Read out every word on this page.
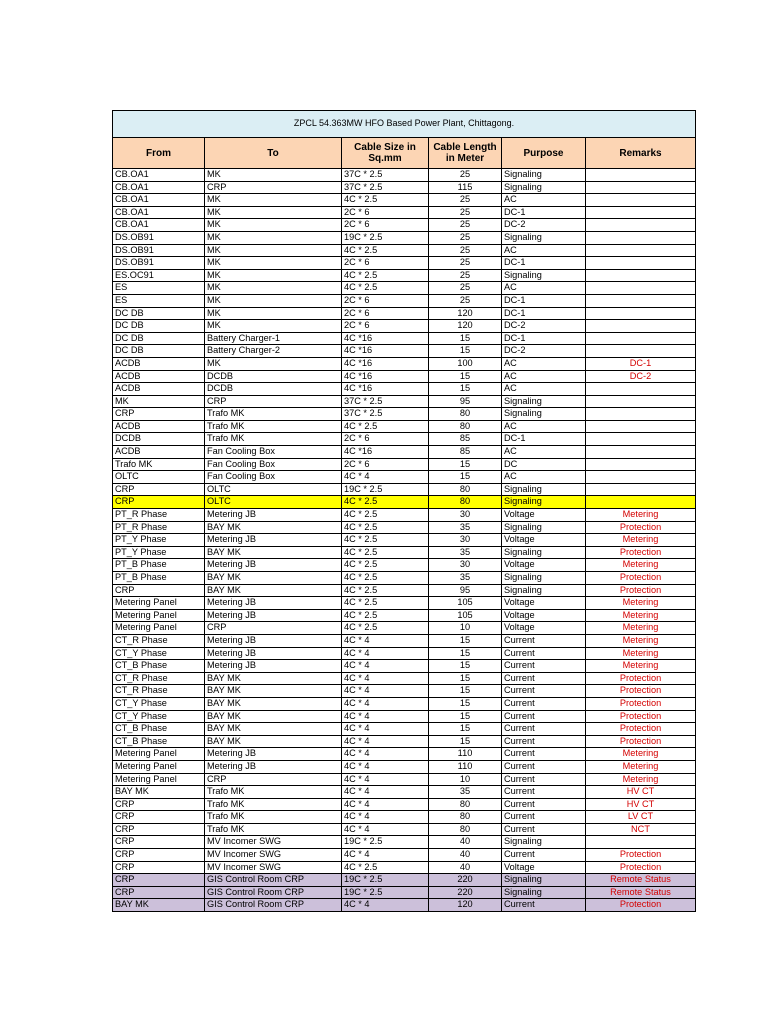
ZPCL 54.363MW HFO Based Power Plant, Chittagong.					
From	To	Cable Size in Sq.mm	Cable Length in Meter	Purpose	Remarks
CB.OA1	MK	37C * 2.5	25	Signaling	
CB.OA1	CRP	37C * 2.5	115	Signaling	
CB.OA1	MK	4C * 2.5	25	AC	
CB.OA1	MK	2C * 6	25	DC-1	
CB.OA1	MK	2C * 6	25	DC-2	
DS.OB91	MK	19C * 2.5	25	Signaling	
DS.OB91	MK	4C * 2.5	25	AC	
DS.OB91	MK	2C * 6	25	DC-1	
ES.OC91	MK	4C * 2.5	25	Signaling	
ES	MK	4C * 2.5	25	AC	
ES	MK	2C * 6	25	DC-1	
DC DB	MK	2C * 6	120	DC-1	
DC DB	MK	2C * 6	120	DC-2	
DC DB	Battery Charger-1	4C *16	15	DC-1	
DC DB	Battery Charger-2	4C *16	15	DC-2	
ACDB	MK	4C *16	100	AC	DC-1
ACDB	DCDB	4C *16	15	AC	DC-2
ACDB	DCDB	4C *16	15	AC	
MK	CRP	37C * 2.5	95	Signaling	
CRP	Trafo MK	37C * 2.5	80	Signaling	
ACDB	Trafo MK	4C * 2.5	80	AC	
DCDB	Trafo MK	2C * 6	85	DC-1	
ACDB	Fan Cooling Box	4C *16	85	AC	
Trafo MK	Fan Cooling Box	2C * 6	15	DC	
OLTC	Fan Cooling Box	4C * 4	15	AC	
CRP	OLTC	19C * 2.5	80	Signaling	
CRP	OLTC	4C * 2.5	80	Signaling	
PT_R Phase	Metering JB	4C * 2.5	30	Voltage	Metering
PT_R Phase	BAY MK	4C * 2.5	35	Signaling	Protection
PT_Y Phase	Metering JB	4C * 2.5	30	Voltage	Metering
PT_Y Phase	BAY MK	4C * 2.5	35	Signaling	Protection
PT_B Phase	Metering JB	4C * 2.5	30	Voltage	Metering
PT_B Phase	BAY MK	4C * 2.5	35	Signaling	Protection
CRP	BAY MK	4C * 2.5	95	Signaling	Protection
Metering Panel	Metering JB	4C * 2.5	105	Voltage	Metering
Metering Panel	Metering JB	4C * 2.5	105	Voltage	Metering
Metering Panel	CRP	4C * 2.5	10	Voltage	Metering
CT_R Phase	Metering JB	4C * 4	15	Current	Metering
CT_Y Phase	Metering JB	4C * 4	15	Current	Metering
CT_B Phase	Metering JB	4C * 4	15	Current	Metering
CT_R Phase	BAY MK	4C * 4	15	Current	Protection
CT_R Phase	BAY MK	4C * 4	15	Current	Protection
CT_Y Phase	BAY MK	4C * 4	15	Current	Protection
CT_Y Phase	BAY MK	4C * 4	15	Current	Protection
CT_B Phase	BAY MK	4C * 4	15	Current	Protection
CT_B Phase	BAY MK	4C * 4	15	Current	Protection
Metering Panel	Metering JB	4C * 4	110	Current	Metering
Metering Panel	Metering JB	4C * 4	110	Current	Metering
Metering Panel	CRP	4C * 4	10	Current	Metering
BAY MK	Trafo MK	4C * 4	35	Current	HV CT
CRP	Trafo MK	4C * 4	80	Current	HV CT
CRP	Trafo MK	4C * 4	80	Current	LV CT
CRP	Trafo MK	4C * 4	80	Current	NCT
CRP	MV Incomer SWG	19C * 2.5	40	Signaling	
CRP	MV Incomer SWG	4C * 4	40	Current	Protection
CRP	MV Incomer SWG	4C * 2.5	40	Voltage	Protection
CRP	GIS Control Room CRP	19C * 2.5	220	Signaling	Remote Status
CRP	GIS Control Room CRP	19C * 2.5	220	Signaling	Remote Status
BAY MK	GIS Control Room CRP	4C * 4	120	Current	Protection
